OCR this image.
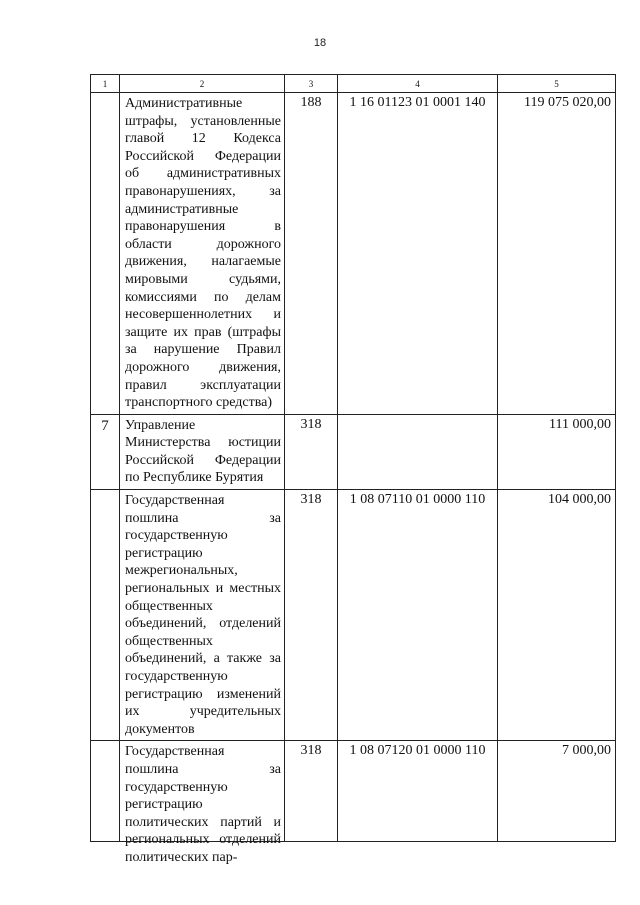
18
1	2	3	4	5
	Административные штрафы, установленные главой 12 Кодекса Российской Федерации об административных правонарушениях, за административные правонарушения в области дорожного движения, налагаемые мировыми судьями, комиссиями по делам несовершеннолетних и защите их прав (штрафы за нарушение Правил дорожного движения, правил эксплуатации транспортного средства)	188	1 16 01123 01 0001 140	119 075 020,00
7	Управление Министерства юстиции Российской Федерации по Республике Бурятия	318		111 000,00
	Государственная пошлина за государственную регистрацию межрегиональных, региональных и местных общественных объединений, отделений общественных объединений, а также за государственную регистрацию изменений их учредительных документов	318	1 08 07110 01 0000 110	104 000,00

	Государственная пошлина за государственную регистрацию политических партий и региональных отделений политических пар-	318	1 08 07120 01 0000 110	7 000,00
